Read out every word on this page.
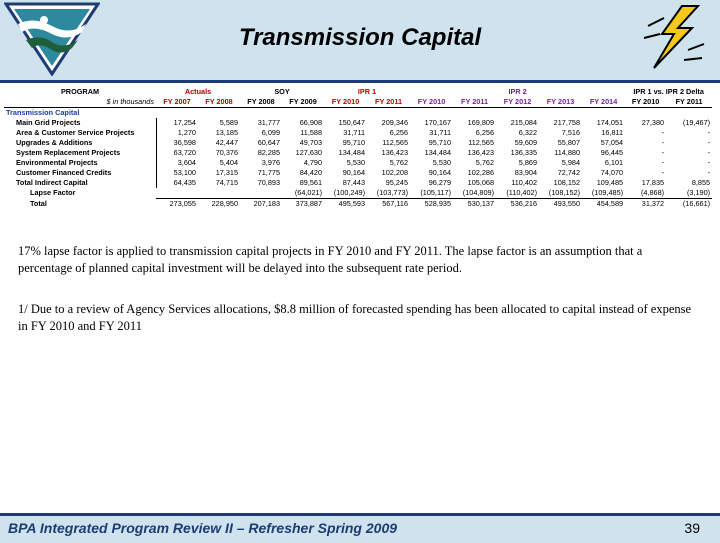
Transmission Capital
PROGRAM	Actuals		SOY		IPR 1		IPR 2					IPR 1 vs. IPR 2 Delta	
$ in thousands	FY 2007	FY 2008	FY 2008	FY 2009	FY 2010	FY 2011	FY 2010	FY 2011	FY 2012	FY 2013	FY 2014	FY 2010	FY 2011
Transmission Capital													
Main Grid Projects	17,254	5,589	31,777	66,908	150,647	209,346	170,167	169,809	215,084	217,758	174,051	27,380	(19,467)
Area & Customer Service Projects	1,270	13,185	6,099	11,588	31,711	6,256	31,711	6,256	6,322	7,516	16,811	-	-
Upgrades & Additions	36,598	42,447	60,647	49,703	95,710	112,565	95,710	112,565	59,609	55,807	57,054	-	-
System Replacement Projects	63,720	70,376	82,285	127,630	134,484	136,423	134,484	136,423	136,335	114,880	96,445	-	-
Environmental Projects	3,604	5,404	3,976	4,790	5,530	5,762	5,530	5,762	5,869	5,984	6,101	-	-
Customer Financed Credits	53,100	17,315	71,775	84,420	90,164	102,208	90,164	102,286	83,904	72,742	74,070	-	-
Total Indirect Capital	64,435	74,715	70,893	89,561	87,443	95,245	96,279	105,068	110,402	108,152	109,485	17,835	8,855
Lapse Factor				(64,021)	(100,249)	(103,773)	(105,117)	(104,809)	(110,402)	(108,152)	(109,485)	(4,868)	(3,190)
Total	273,055	228,950	207,183	373,887	495,593	567,116	528,935	530,137	536,216	493,550	454,589	31,372	(16,661)
17% lapse factor is applied to transmission capital projects in FY 2010 and FY 2011. The lapse factor is an assumption that a percentage of planned capital investment will be delayed into the subsequent rate period.
1/ Due to a review of Agency Services allocations, $8.8 million of forecasted spending has been allocated to capital instead of expense in FY 2010 and FY 2011
BPA Integrated Program Review II – Refresher Spring 2009	39
